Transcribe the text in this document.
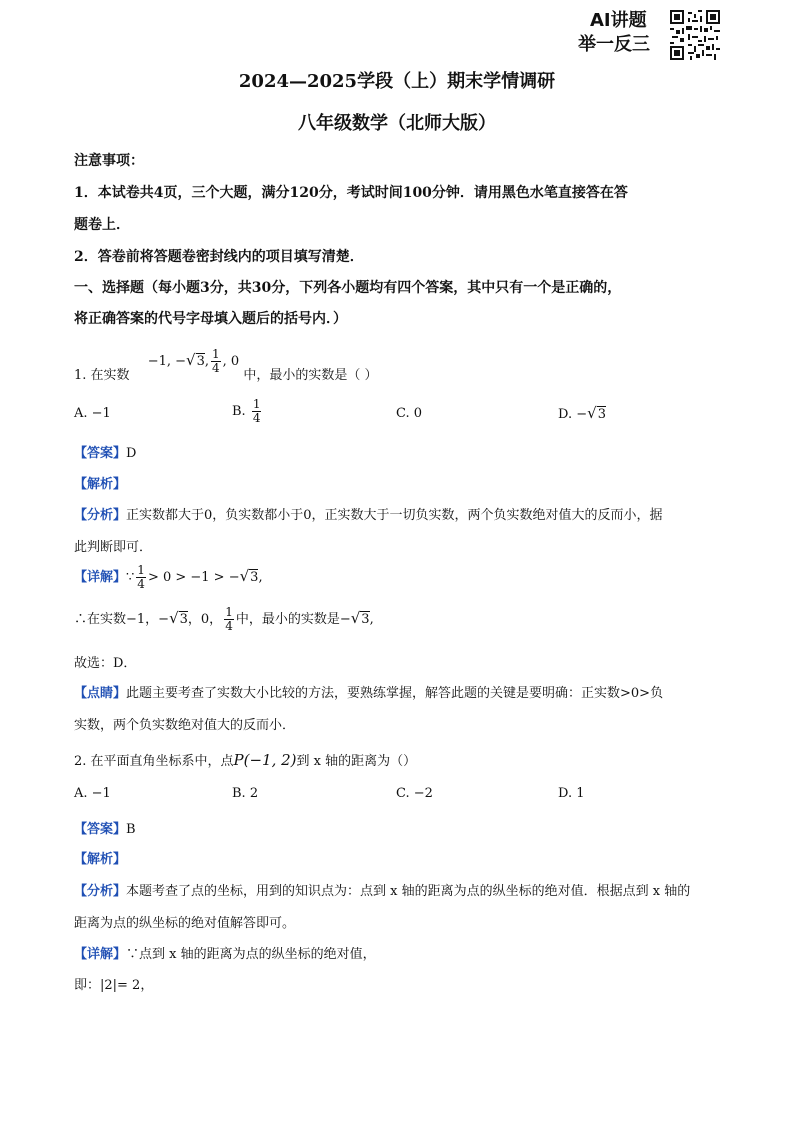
AI讲题
举一反三
2024—2025学段（上）期末学情调研
八年级数学（北师大版）
注意事项：
1．本试卷共4页，三个大题，满分120分，考试时间100分钟．请用黑色水笔直接答在答
题卷上．
2．答卷前将答题卷密封线内的项目填写清楚．
一、选择题（每小题3分，共30分，下列各小题均有四个答案，其中只有一个是正确的，
将正确答案的代号字母填入题后的括号内．）
1. 在实数 −1, −√3, $\frac{1}{4}$ , 0 中，最小的实数是（ ）
A. −1	B. $\frac{1}{4}$	C. 0	D. −√3
【答案】D
【解析】
【分析】正实数都大于0，负实数都小于0，正实数大于一切负实数，两个负实数绝对值大的反而小，据
此判断即可．
【详解】∵ $\frac{1}{4} > 0 > -1 > -√3$,
∴在实数−1，−√3，0， $\frac{1}{4}$ 中，最小的实数是−√3,
故选：D．
【点睛】此题主要考查了实数大小比较的方法，要熟练掌握，解答此题的关键是要明确：正实数>0>负
实数，两个负实数绝对值大的反而小．
2. 在平面直角坐标系中，点P(−1, 2)到 x 轴的距离为（）
A. −1	B. 2	C. −2	D. 1
【答案】B
【解析】
【分析】本题考查了点的坐标，用到的知识点为：点到 x 轴的距离为点的纵坐标的绝对值．根据点到 x 轴的
距离为点的纵坐标的绝对值解答即可。
【详解】∵点到 x 轴的距离为点的纵坐标的绝对值，
即：|2|= 2，
